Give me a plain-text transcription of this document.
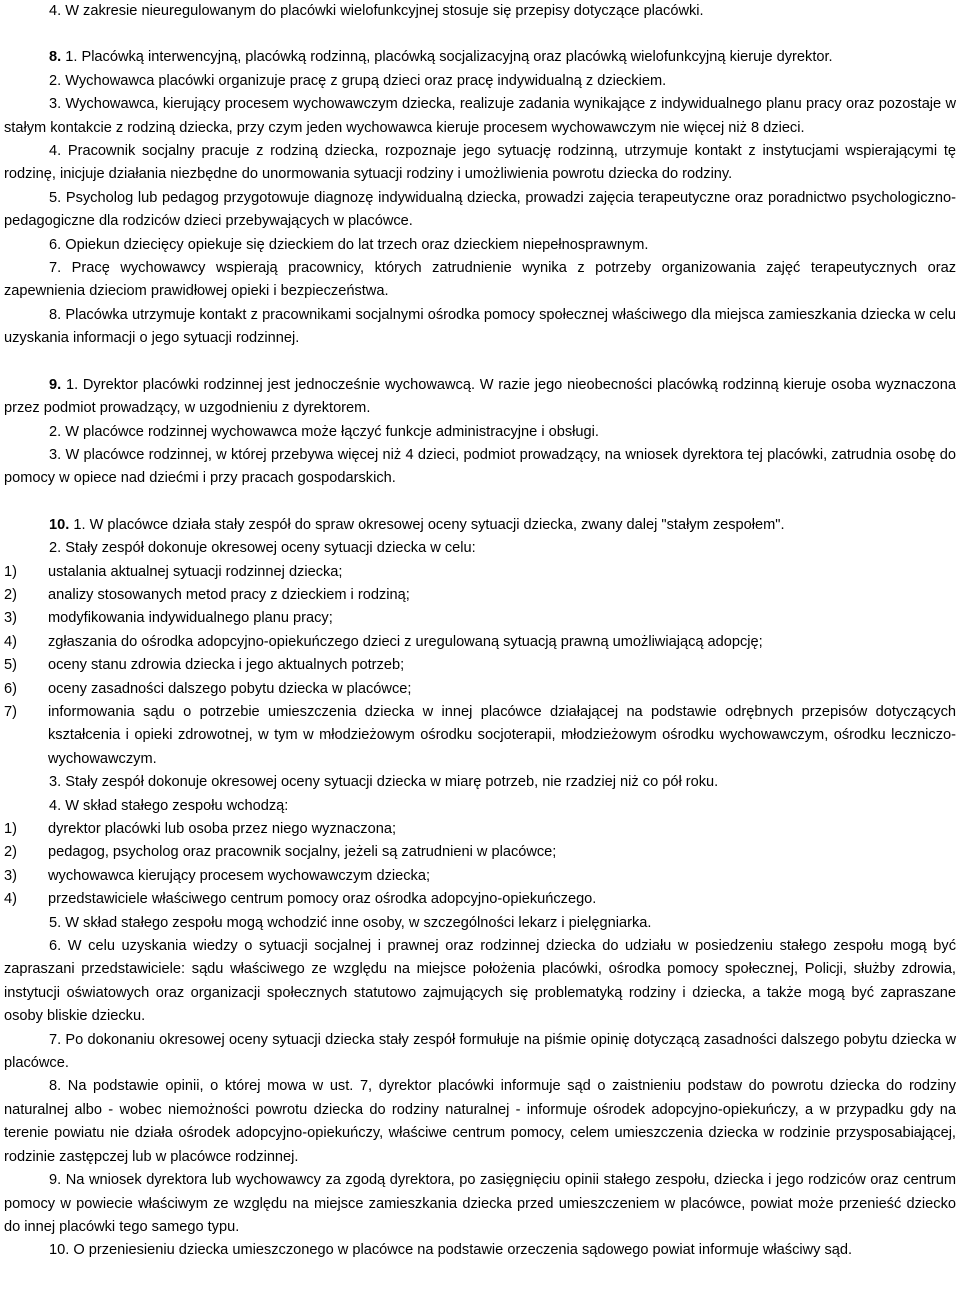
4. W zakresie nieuregulowanym do placówki wielofunkcyjnej stosuje się przepisy dotyczące placówki.

8. 1. Placówką interwencyjną, placówką rodzinną, placówką socjalizacyjną oraz placówką wielofunkcyjną kieruje dyrektor.

2. Wychowawca placówki organizuje pracę z grupą dzieci oraz pracę indywidualną z dzieckiem.

3. Wychowawca, kierujący procesem wychowawczym dziecka, realizuje zadania wynikające z indywidualnego planu pracy oraz pozostaje w stałym kontakcie z rodziną dziecka, przy czym jeden wychowawca kieruje procesem wychowawczym nie więcej niż 8 dzieci.

4. Pracownik socjalny pracuje z rodziną dziecka, rozpoznaje jego sytuację rodzinną, utrzymuje kontakt z instytucjami wspierającymi tę rodzinę, inicjuje działania niezbędne do unormowania sytuacji rodziny i umożliwienia powrotu dziecka do rodziny.

5. Psycholog lub pedagog przygotowuje diagnozę indywidualną dziecka, prowadzi zajęcia terapeutyczne oraz poradnictwo psychologiczno-pedagogiczne dla rodziców dzieci przebywających w placówce.

6. Opiekun dziecięcy opiekuje się dzieckiem do lat trzech oraz dzieckiem niepełnosprawnym.

7. Pracę wychowawcy wspierają pracownicy, których zatrudnienie wynika z potrzeby organizowania zajęć terapeutycznych oraz zapewnienia dzieciom prawidłowej opieki i bezpieczeństwa.

8. Placówka utrzymuje kontakt z pracownikami socjalnymi ośrodka pomocy społecznej właściwego dla miejsca zamieszkania dziecka w celu uzyskania informacji o jego sytuacji rodzinnej.

9. 1. Dyrektor placówki rodzinnej jest jednocześnie wychowawcą. W razie jego nieobecności placówką rodzinną kieruje osoba wyznaczona przez podmiot prowadzący, w uzgodnieniu z dyrektorem.

2. W placówce rodzinnej wychowawca może łączyć funkcje administracyjne i obsługi.

3. W placówce rodzinnej, w której przebywa więcej niż 4 dzieci, podmiot prowadzący, na wniosek dyrektora tej placówki, zatrudnia osobę do pomocy w opiece nad dziećmi i przy pracach gospodarskich.

10. 1. W placówce działa stały zespół do spraw okresowej oceny sytuacji dziecka, zwany dalej "stałym zespołem".

2. Stały zespół dokonuje okresowej oceny sytuacji dziecka w celu:

1)	ustalania aktualnej sytuacji rodzinnej dziecka;
2)	analizy stosowanych metod pracy z dzieckiem i rodziną;
3)	modyfikowania indywidualnego planu pracy;
4)	zgłaszania do ośrodka adopcyjno-opiekuńczego dzieci z uregulowaną sytuacją prawną umożliwiającą adopcję;
5)	oceny stanu zdrowia dziecka i jego aktualnych potrzeb;
6)	oceny zasadności dalszego pobytu dziecka w placówce;
7)	informowania sądu o potrzebie umieszczenia dziecka w innej placówce działającej na podstawie odrębnych przepisów dotyczących kształcenia i opieki zdrowotnej, w tym w młodzieżowym ośrodku socjoterapii, młodzieżowym ośrodku wychowawczym, ośrodku leczniczo-wychowawczym.

3. Stały zespół dokonuje okresowej oceny sytuacji dziecka w miarę potrzeb, nie rzadziej niż co pół roku.

4. W skład stałego zespołu wchodzą:

1)	dyrektor placówki lub osoba przez niego wyznaczona;
2)	pedagog, psycholog oraz pracownik socjalny, jeżeli są zatrudnieni w placówce;
3)	wychowawca kierujący procesem wychowawczym dziecka;
4)	przedstawiciele właściwego centrum pomocy oraz ośrodka adopcyjno-opiekuńczego.

5. W skład stałego zespołu mogą wchodzić inne osoby, w szczególności lekarz i pielęgniarka.

6. W celu uzyskania wiedzy o sytuacji socjalnej i prawnej oraz rodzinnej dziecka do udziału w posiedzeniu stałego zespołu mogą być zapraszani przedstawiciele: sądu właściwego ze względu na miejsce położenia placówki, ośrodka pomocy społecznej, Policji, służby zdrowia, instytucji oświatowych oraz organizacji społecznych statutowo zajmujących się problematyką rodziny i dziecka, a także mogą być zapraszane osoby bliskie dziecku.

7. Po dokonaniu okresowej oceny sytuacji dziecka stały zespół formułuje na piśmie opinię dotyczącą zasadności dalszego pobytu dziecka w placówce.

8. Na podstawie opinii, o której mowa w ust. 7, dyrektor placówki informuje sąd o zaistnieniu podstaw do powrotu dziecka do rodziny naturalnej albo - wobec niemożności powrotu dziecka do rodziny naturalnej - informuje ośrodek adopcyjno-opiekuńczy, a w przypadku gdy na terenie powiatu nie działa ośrodek adopcyjno-opiekuńczy, właściwe centrum pomocy, celem umieszczenia dziecka w rodzinie przysposabiającej, rodzinie zastępczej lub w placówce rodzinnej.

9. Na wniosek dyrektora lub wychowawcy za zgodą dyrektora, po zasięgnięciu opinii stałego zespołu, dziecka i jego rodziców oraz centrum pomocy w powiecie właściwym ze względu na miejsce zamieszkania dziecka przed umieszczeniem w placówce, powiat może przenieść dziecko do innej placówki tego samego typu.

10. O przeniesieniu dziecka umieszczonego w placówce na podstawie orzeczenia sądowego powiat informuje właściwy sąd.
